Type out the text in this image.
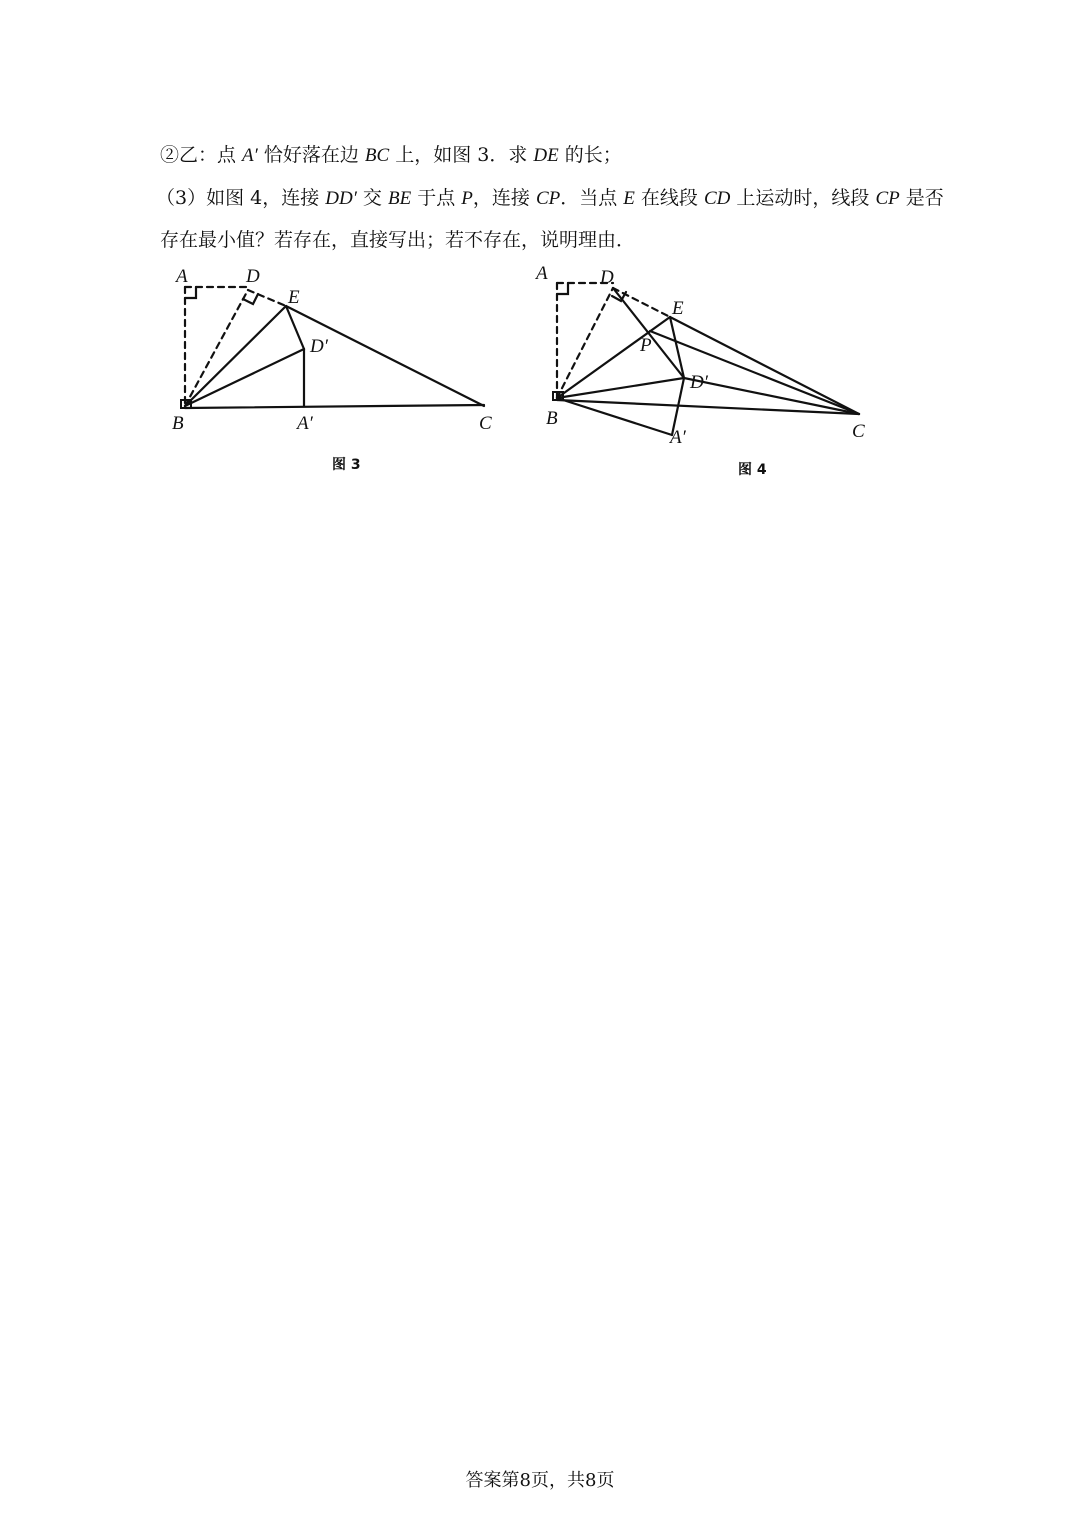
②乙：点 A′ 恰好落在边 BC 上，如图 3．求 DE 的长；
（3）如图 4，连接 DD′ 交 BE 于点 P，连接 CP．当点 E 在线段 CD 上运动时，线段 CP 是否
存在最小值？若存在，直接写出；若不存在，说明理由．
A	D
E
D′
B	A′	C
图 3
A	D
E
P
D′
B
A′	C
图 4
答案第8页，共8页
